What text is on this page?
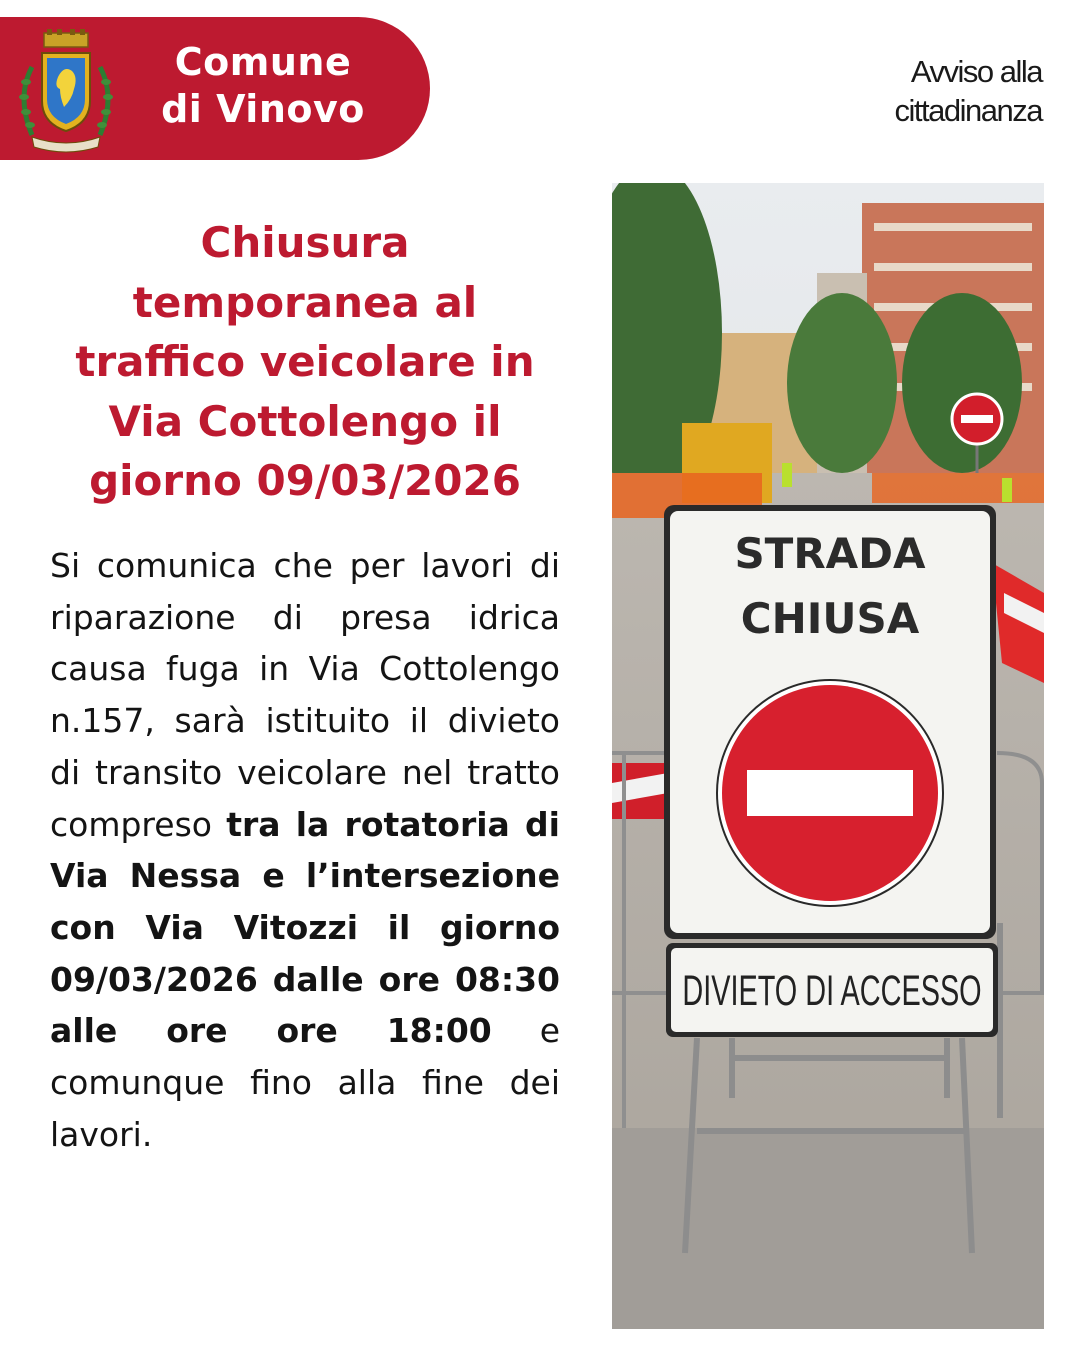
Comune
di Vinovo
Avviso alla
cittadinanza
Chiusura temporanea al traffico veicolare in Via Cottolengo il giorno 09/03/2026

Si comunica che per lavori di riparazione di presa idrica causa fuga in Via Cottolengo n.157, sarà istituito il divieto di transito veicolare nel tratto compreso tra la rotatoria di Via Nessa e l’intersezione con Via Vitozzi il giorno 09/03/2026 dalle ore 08:30 alle ore ore 18:00 e comunque fino alla fine dei lavori.

STRADA
CHIUSA
DIVIETO DI ACCESSO
